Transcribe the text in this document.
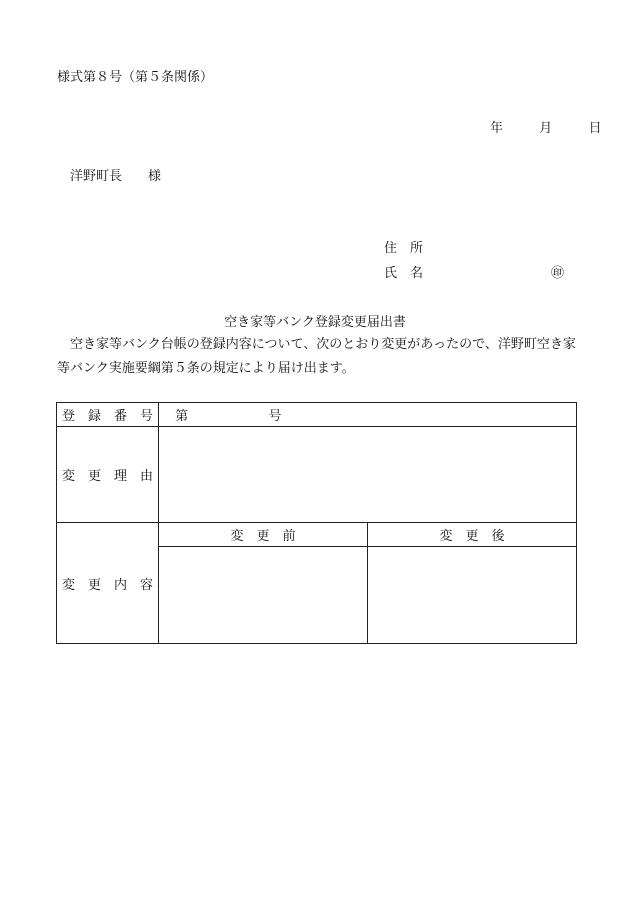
様式第８号（第５条関係）
年	月	日
洋野町長　　様
住　所
氏　名	㊞
空き家等バンク登録変更届出書
　空き家等バンク台帳の登録内容について、次のとおり変更があったので、洋野町空き家等バンク実施要綱第５条の規定により届け出ます。
登　録　番　号	第 号	
変　更　理　由		
変　更　内　容	変　更　前	変　更　後
